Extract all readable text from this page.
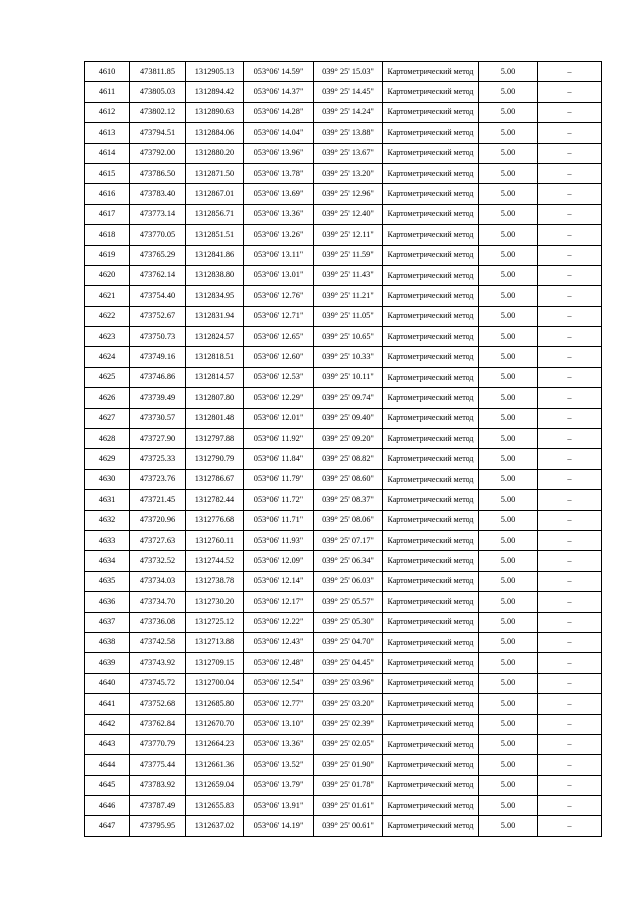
4610	473811.85	1312905.13	053°06' 14.59"	039° 25' 15.03"	Картометрический метод	5.00	–
4611	473805.03	1312894.42	053°06' 14.37"	039° 25' 14.45"	Картометрический метод	5.00	–
4612	473802.12	1312890.63	053°06' 14.28"	039° 25' 14.24"	Картометрический метод	5.00	–
4613	473794.51	1312884.06	053°06' 14.04"	039° 25' 13.88"	Картометрический метод	5.00	–
4614	473792.00	1312880.20	053°06' 13.96"	039° 25' 13.67"	Картометрический метод	5.00	–
4615	473786.50	1312871.50	053°06' 13.78"	039° 25' 13.20"	Картометрический метод	5.00	–
4616	473783.40	1312867.01	053°06' 13.69"	039° 25' 12.96"	Картометрический метод	5.00	–
4617	473773.14	1312856.71	053°06' 13.36"	039° 25' 12.40"	Картометрический метод	5.00	–
4618	473770.05	1312851.51	053°06' 13.26"	039° 25' 12.11"	Картометрический метод	5.00	–
4619	473765.29	1312841.86	053°06' 13.11"	039° 25' 11.59"	Картометрический метод	5.00	–
4620	473762.14	1312838.80	053°06' 13.01"	039° 25' 11.43"	Картометрический метод	5.00	–
4621	473754.40	1312834.95	053°06' 12.76"	039° 25' 11.21"	Картометрический метод	5.00	–
4622	473752.67	1312831.94	053°06' 12.71"	039° 25' 11.05"	Картометрический метод	5.00	–
4623	473750.73	1312824.57	053°06' 12.65"	039° 25' 10.65"	Картометрический метод	5.00	–
4624	473749.16	1312818.51	053°06' 12.60"	039° 25' 10.33"	Картометрический метод	5.00	–
4625	473746.86	1312814.57	053°06' 12.53"	039° 25' 10.11"	Картометрический метод	5.00	–
4626	473739.49	1312807.80	053°06' 12.29"	039° 25' 09.74"	Картометрический метод	5.00	–
4627	473730.57	1312801.48	053°06' 12.01"	039° 25' 09.40"	Картометрический метод	5.00	–
4628	473727.90	1312797.88	053°06' 11.92"	039° 25' 09.20"	Картометрический метод	5.00	–
4629	473725.33	1312790.79	053°06' 11.84"	039° 25' 08.82"	Картометрический метод	5.00	–
4630	473723.76	1312786.67	053°06' 11.79"	039° 25' 08.60"	Картометрический метод	5.00	–
4631	473721.45	1312782.44	053°06' 11.72"	039° 25' 08.37"	Картометрический метод	5.00	–
4632	473720.96	1312776.68	053°06' 11.71"	039° 25' 08.06"	Картометрический метод	5.00	–
4633	473727.63	1312760.11	053°06' 11.93"	039° 25' 07.17"	Картометрический метод	5.00	–
4634	473732.52	1312744.52	053°06' 12.09"	039° 25' 06.34"	Картометрический метод	5.00	–
4635	473734.03	1312738.78	053°06' 12.14"	039° 25' 06.03"	Картометрический метод	5.00	–
4636	473734.70	1312730.20	053°06' 12.17"	039° 25' 05.57"	Картометрический метод	5.00	–
4637	473736.08	1312725.12	053°06' 12.22"	039° 25' 05.30"	Картометрический метод	5.00	–
4638	473742.58	1312713.88	053°06' 12.43"	039° 25' 04.70"	Картометрический метод	5.00	–
4639	473743.92	1312709.15	053°06' 12.48"	039° 25' 04.45"	Картометрический метод	5.00	–
4640	473745.72	1312700.04	053°06' 12.54"	039° 25' 03.96"	Картометрический метод	5.00	–
4641	473752.68	1312685.80	053°06' 12.77"	039° 25' 03.20"	Картометрический метод	5.00	–
4642	473762.84	1312670.70	053°06' 13.10"	039° 25' 02.39"	Картометрический метод	5.00	–
4643	473770.79	1312664.23	053°06' 13.36"	039° 25' 02.05"	Картометрический метод	5.00	–
4644	473775.44	1312661.36	053°06' 13.52"	039° 25' 01.90"	Картометрический метод	5.00	–
4645	473783.92	1312659.04	053°06' 13.79"	039° 25' 01.78"	Картометрический метод	5.00	–
4646	473787.49	1312655.83	053°06' 13.91"	039° 25' 01.61"	Картометрический метод	5.00	–
4647	473795.95	1312637.02	053°06' 14.19"	039° 25' 00.61"	Картометрический метод	5.00	–
